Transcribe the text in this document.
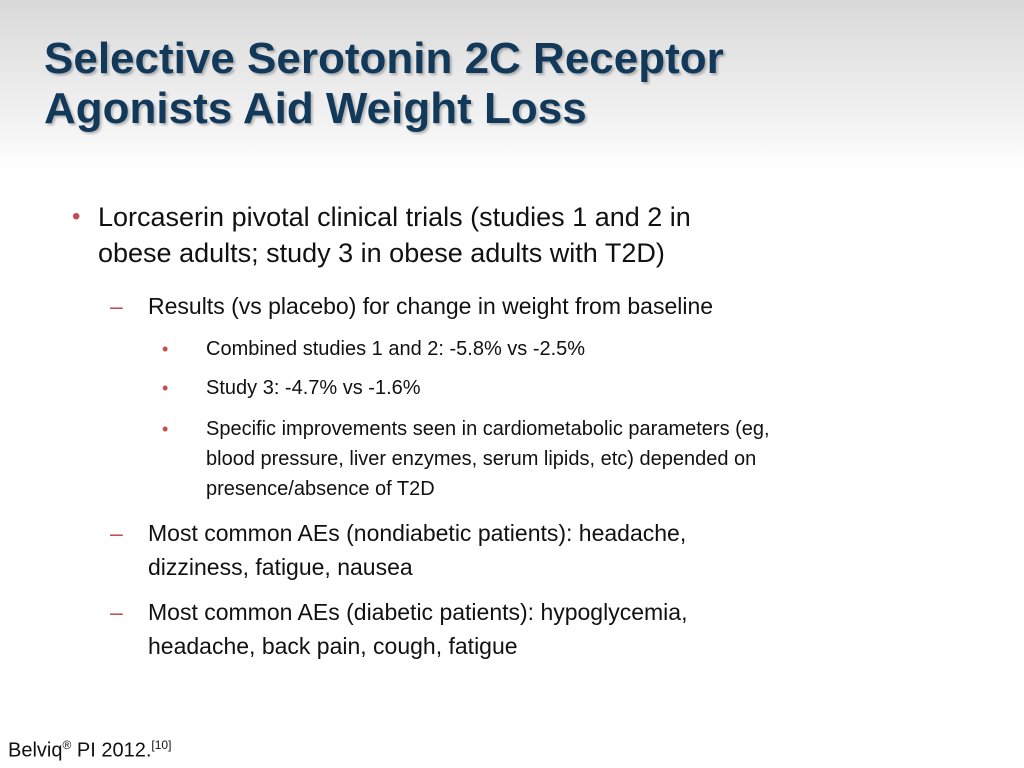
Selective Serotonin 2C Receptor
Agonists Aid Weight Loss
• Lorcaserin pivotal clinical trials (studies 1 and 2 in
obese adults; study 3 in obese adults with T2D)
– Results (vs placebo) for change in weight from baseline
• Combined studies 1 and 2: -5.8% vs -2.5%
• Study 3: -4.7% vs -1.6%
• Specific improvements seen in cardiometabolic parameters (eg,
blood pressure, liver enzymes, serum lipids, etc) depended on
presence/absence of T2D
– Most common AEs (nondiabetic patients): headache,
dizziness, fatigue, nausea
– Most common AEs (diabetic patients): hypoglycemia,
headache, back pain, cough, fatigue
Belviq® PI 2012.[10]
